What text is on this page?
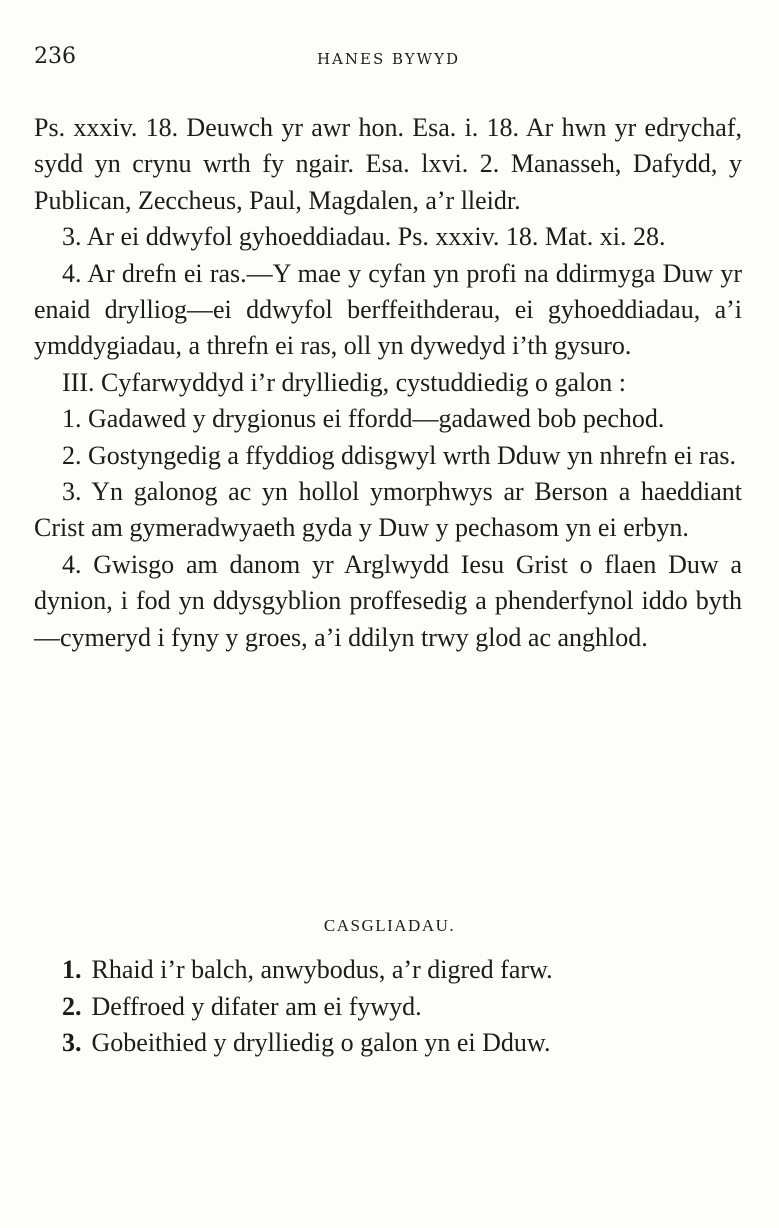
236	HANES BYWYD

Ps. xxxiv. 18. Deuwch yr awr hon. Esa. i. 18. Ar hwn yr edrychaf, sydd yn crynu wrth fy ngair. Esa. lxvi. 2. Manasseh, Dafydd, y Publican, Zeccheus, Paul, Magdalen, a’r lleidr.

3. Ar ei ddwyfol gyhoeddiadau. Ps. xxxiv. 18. Mat. xi. 28.

4. Ar drefn ei ras.—Y mae y cyfan yn profi na ddirmyga Duw yr enaid drylliog—ei ddwyfol berffeithderau, ei gyhoeddiadau, a’i ymddygiadau, a threfn ei ras, oll yn dywedyd i’th gysuro.

III. Cyfarwyddyd i’r drylliedig, cystuddiedig o galon :

1. Gadawed y drygionus ei ffordd—gadawed bob pechod.

2. Gostyngedig a ffyddiog ddisgwyl wrth Dduw yn nhrefn ei ras.

3. Yn galonog ac yn hollol ymorphwys ar Berson a haeddiant Crist am gymeradwyaeth gyda y Duw y pechasom yn ei erbyn.

4. Gwisgo am danom yr Arglwydd Iesu Grist o flaen Duw a dynion, i fod yn ddysgyblion proffesedig a phenderfynol iddo byth—cymeryd i fyny y groes, a’i ddilyn trwy glod ac anghlod.

CASGLIADAU.
1. Rhaid i’r balch, anwybodus, a’r digred farw.
2. Deffroed y difater am ei fywyd.
3. Gobeithied y drylliedig o galon yn ei Dduw.
